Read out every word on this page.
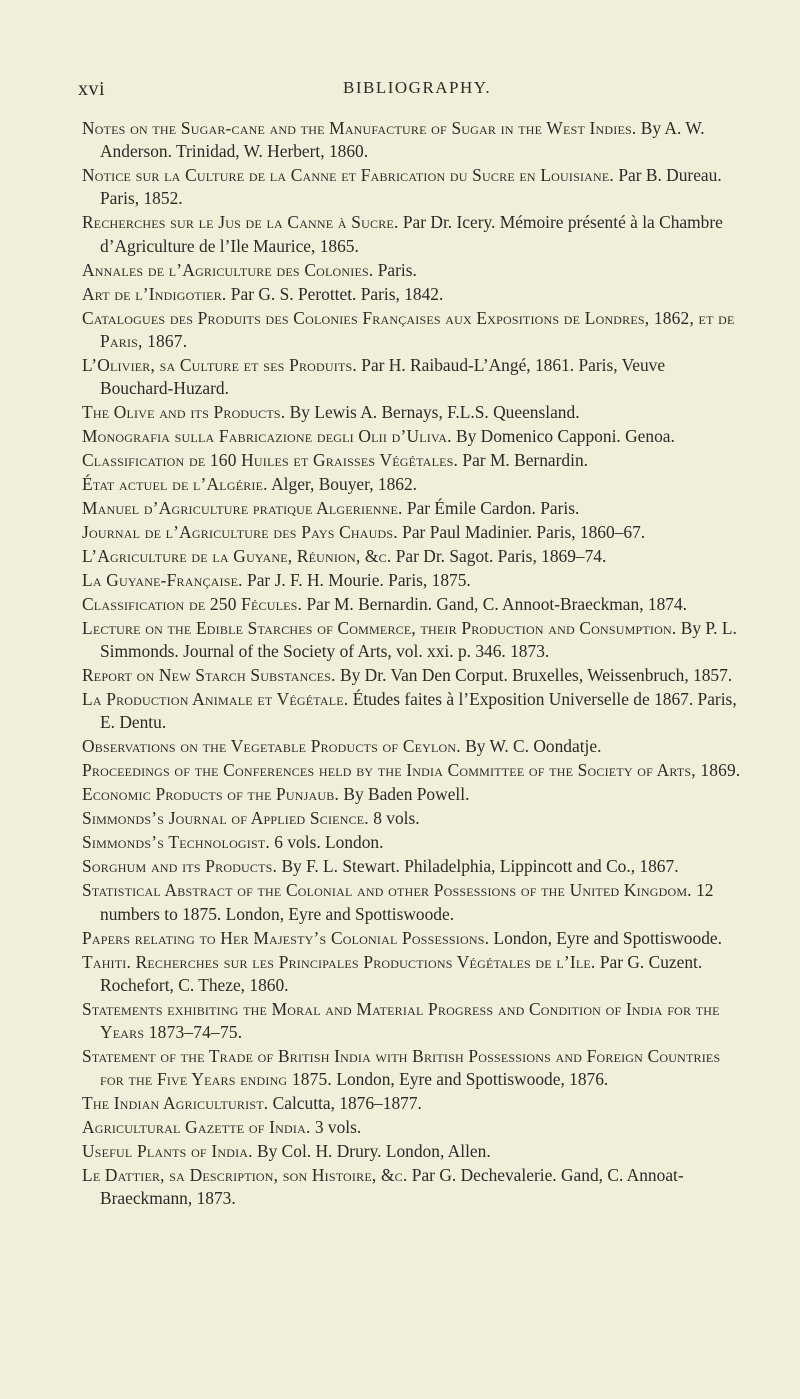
xvi	BIBLIOGRAPHY.

Notes on the Sugar-cane and the Manufacture of Sugar in the West Indies. By A. W. Anderson. Trinidad, W. Herbert, 1860.

Notice sur la Culture de la Canne et Fabrication du Sucre en Louisiane. Par B. Dureau. Paris, 1852.

Recherches sur le Jus de la Canne à Sucre. Par Dr. Icery. Mémoire présenté à la Chambre d’Agriculture de l’Ile Maurice, 1865.

Annales de l’Agriculture des Colonies. Paris.

Art de l’Indigotier. Par G. S. Perottet. Paris, 1842.

Catalogues des Produits des Colonies Françaises aux Expositions de Londres, 1862, et de Paris, 1867.

L’Olivier, sa Culture et ses Produits. Par H. Raibaud-L’Angé, 1861. Paris, Veuve Bouchard-Huzard.

The Olive and its Products. By Lewis A. Bernays, F.L.S. Queensland.

Monografia sulla Fabricazione degli Olii d’Uliva. By Domenico Capponi. Genoa.

Classification de 160 Huiles et Graisses Végétales. Par M. Bernardin.

État actuel de l’Algérie. Alger, Bouyer, 1862.

Manuel d’Agriculture pratique Algerienne. Par Émile Cardon. Paris.

Journal de l’Agriculture des Pays Chauds. Par Paul Madinier. Paris, 1860–67.

L’Agriculture de la Guyane, Réunion, &c. Par Dr. Sagot. Paris, 1869–74.

La Guyane-Française. Par J. F. H. Mourie. Paris, 1875.

Classification de 250 Fécules. Par M. Bernardin. Gand, C. Annoot-Braeckman, 1874.

Lecture on the Edible Starches of Commerce, their Production and Consumption. By P. L. Simmonds. Journal of the Society of Arts, vol. xxi. p. 346. 1873.

Report on New Starch Substances. By Dr. Van Den Corput. Bruxelles, Weissenbruch, 1857.

La Production Animale et Végétale. Études faites à l’Exposition Universelle de 1867. Paris, E. Dentu.

Observations on the Vegetable Products of Ceylon. By W. C. Oondatje.

Proceedings of the Conferences held by the India Committee of the Society of Arts, 1869.

Economic Products of the Punjaub. By Baden Powell.

Simmonds’s Journal of Applied Science. 8 vols.

Simmonds’s Technologist. 6 vols. London.

Sorghum and its Products. By F. L. Stewart. Philadelphia, Lippincott and Co., 1867.

Statistical Abstract of the Colonial and other Possessions of the United Kingdom. 12 numbers to 1875. London, Eyre and Spottiswoode.

Papers relating to Her Majesty’s Colonial Possessions. London, Eyre and Spottiswoode.

Tahiti. Recherches sur les Principales Productions Végétales de l’Ile. Par G. Cuzent. Rochefort, C. Theze, 1860.

Statements exhibiting the Moral and Material Progress and Condition of India for the Years 1873–74–75.

Statement of the Trade of British India with British Possessions and Foreign Countries for the Five Years ending 1875. London, Eyre and Spottiswoode, 1876.

The Indian Agriculturist. Calcutta, 1876–1877.

Agricultural Gazette of India. 3 vols.

Useful Plants of India. By Col. H. Drury. London, Allen.

Le Dattier, sa Description, son Histoire, &c. Par G. Dechevalerie. Gand, C. Annoat-Braeckmann, 1873.
